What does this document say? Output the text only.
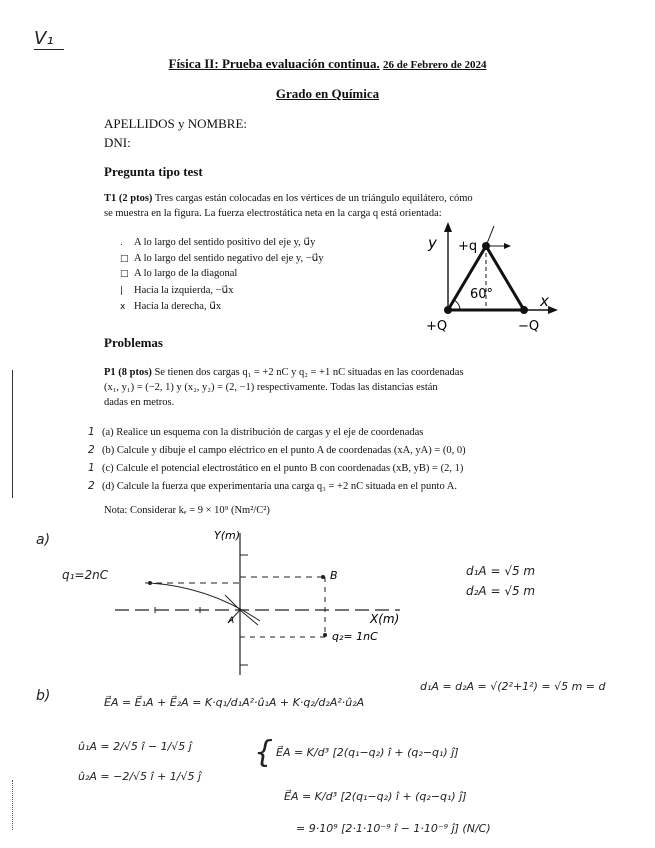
V₁
Física II: Prueba evaluación continua. 26 de Febrero de 2024
Grado en Química
APELLIDOS y NOMBRE:
DNI:
Pregunta tipo test
T1 (2 ptos) Tres cargas están colocadas en los vértices de un triángulo equilátero, cómo
se muestra en la figura. La fuerza electrostática neta en la carga q está orientada:
. A lo largo del sentido positivo del eje y, u⃗y
□ A lo largo del sentido negativo del eje y, −u⃗y
□ A lo largo de la diagonal
| Hacia la izquierda, −u⃗x
x Hacia la derecha, u⃗x
y
x
+q
+Q	−Q
60°
Problemas
P1 (8 ptos) Se tienen dos cargas q₁ = +2 nC y q₂ = +1 nC situadas en las coordenadas
(x₁, y₁) = (−2, 1) y (x₂, y₂) = (2, −1) respectivamente. Todas las distancias están
dadas en metros.
1 (a) Realice un esquema con la distribución de cargas y el eje de coordenadas
2 (b) Calcule y dibuje el campo eléctrico en el punto A de coordenadas (xA, yA) = (0, 0)
1 (c) Calcule el potencial electrostático en el punto B con coordenadas (xB, yB) = (2, 1)
2 (d) Calcule la fuerza que experimentaría una carga q₃ = +2 nC situada en el punto A.
Nota: Considerar kₑ = 9 × 10⁹ (Nm²/C²)
a)	Y(m)
X(m)
B
A
q₂= 1nC
q₁=2nC	d₁A = √5 m
d₂A = √5 m
b)	E⃗A = E⃗₁A + E⃗₂A = K·q₁/d₁A²·û₁A + K·q₂/d₂A²·û₂A
d₁A = d₂A = √(2²+1²) = √5 m = d
û₁A = 2/√5 î − 1/√5 ĵ
û₂A = −2/√5 î + 1/√5 ĵ
{ E⃗A = K/d³ [2(q₁−q₂) î + (q₂−q₁) ĵ]
E⃗A = K/d³ [2(q₁−q₂) î + (q₂−q₁) ĵ]
= 9·10⁹ [2·1·10⁻⁹ î − 1·10⁻⁹ ĵ] (N/C)
